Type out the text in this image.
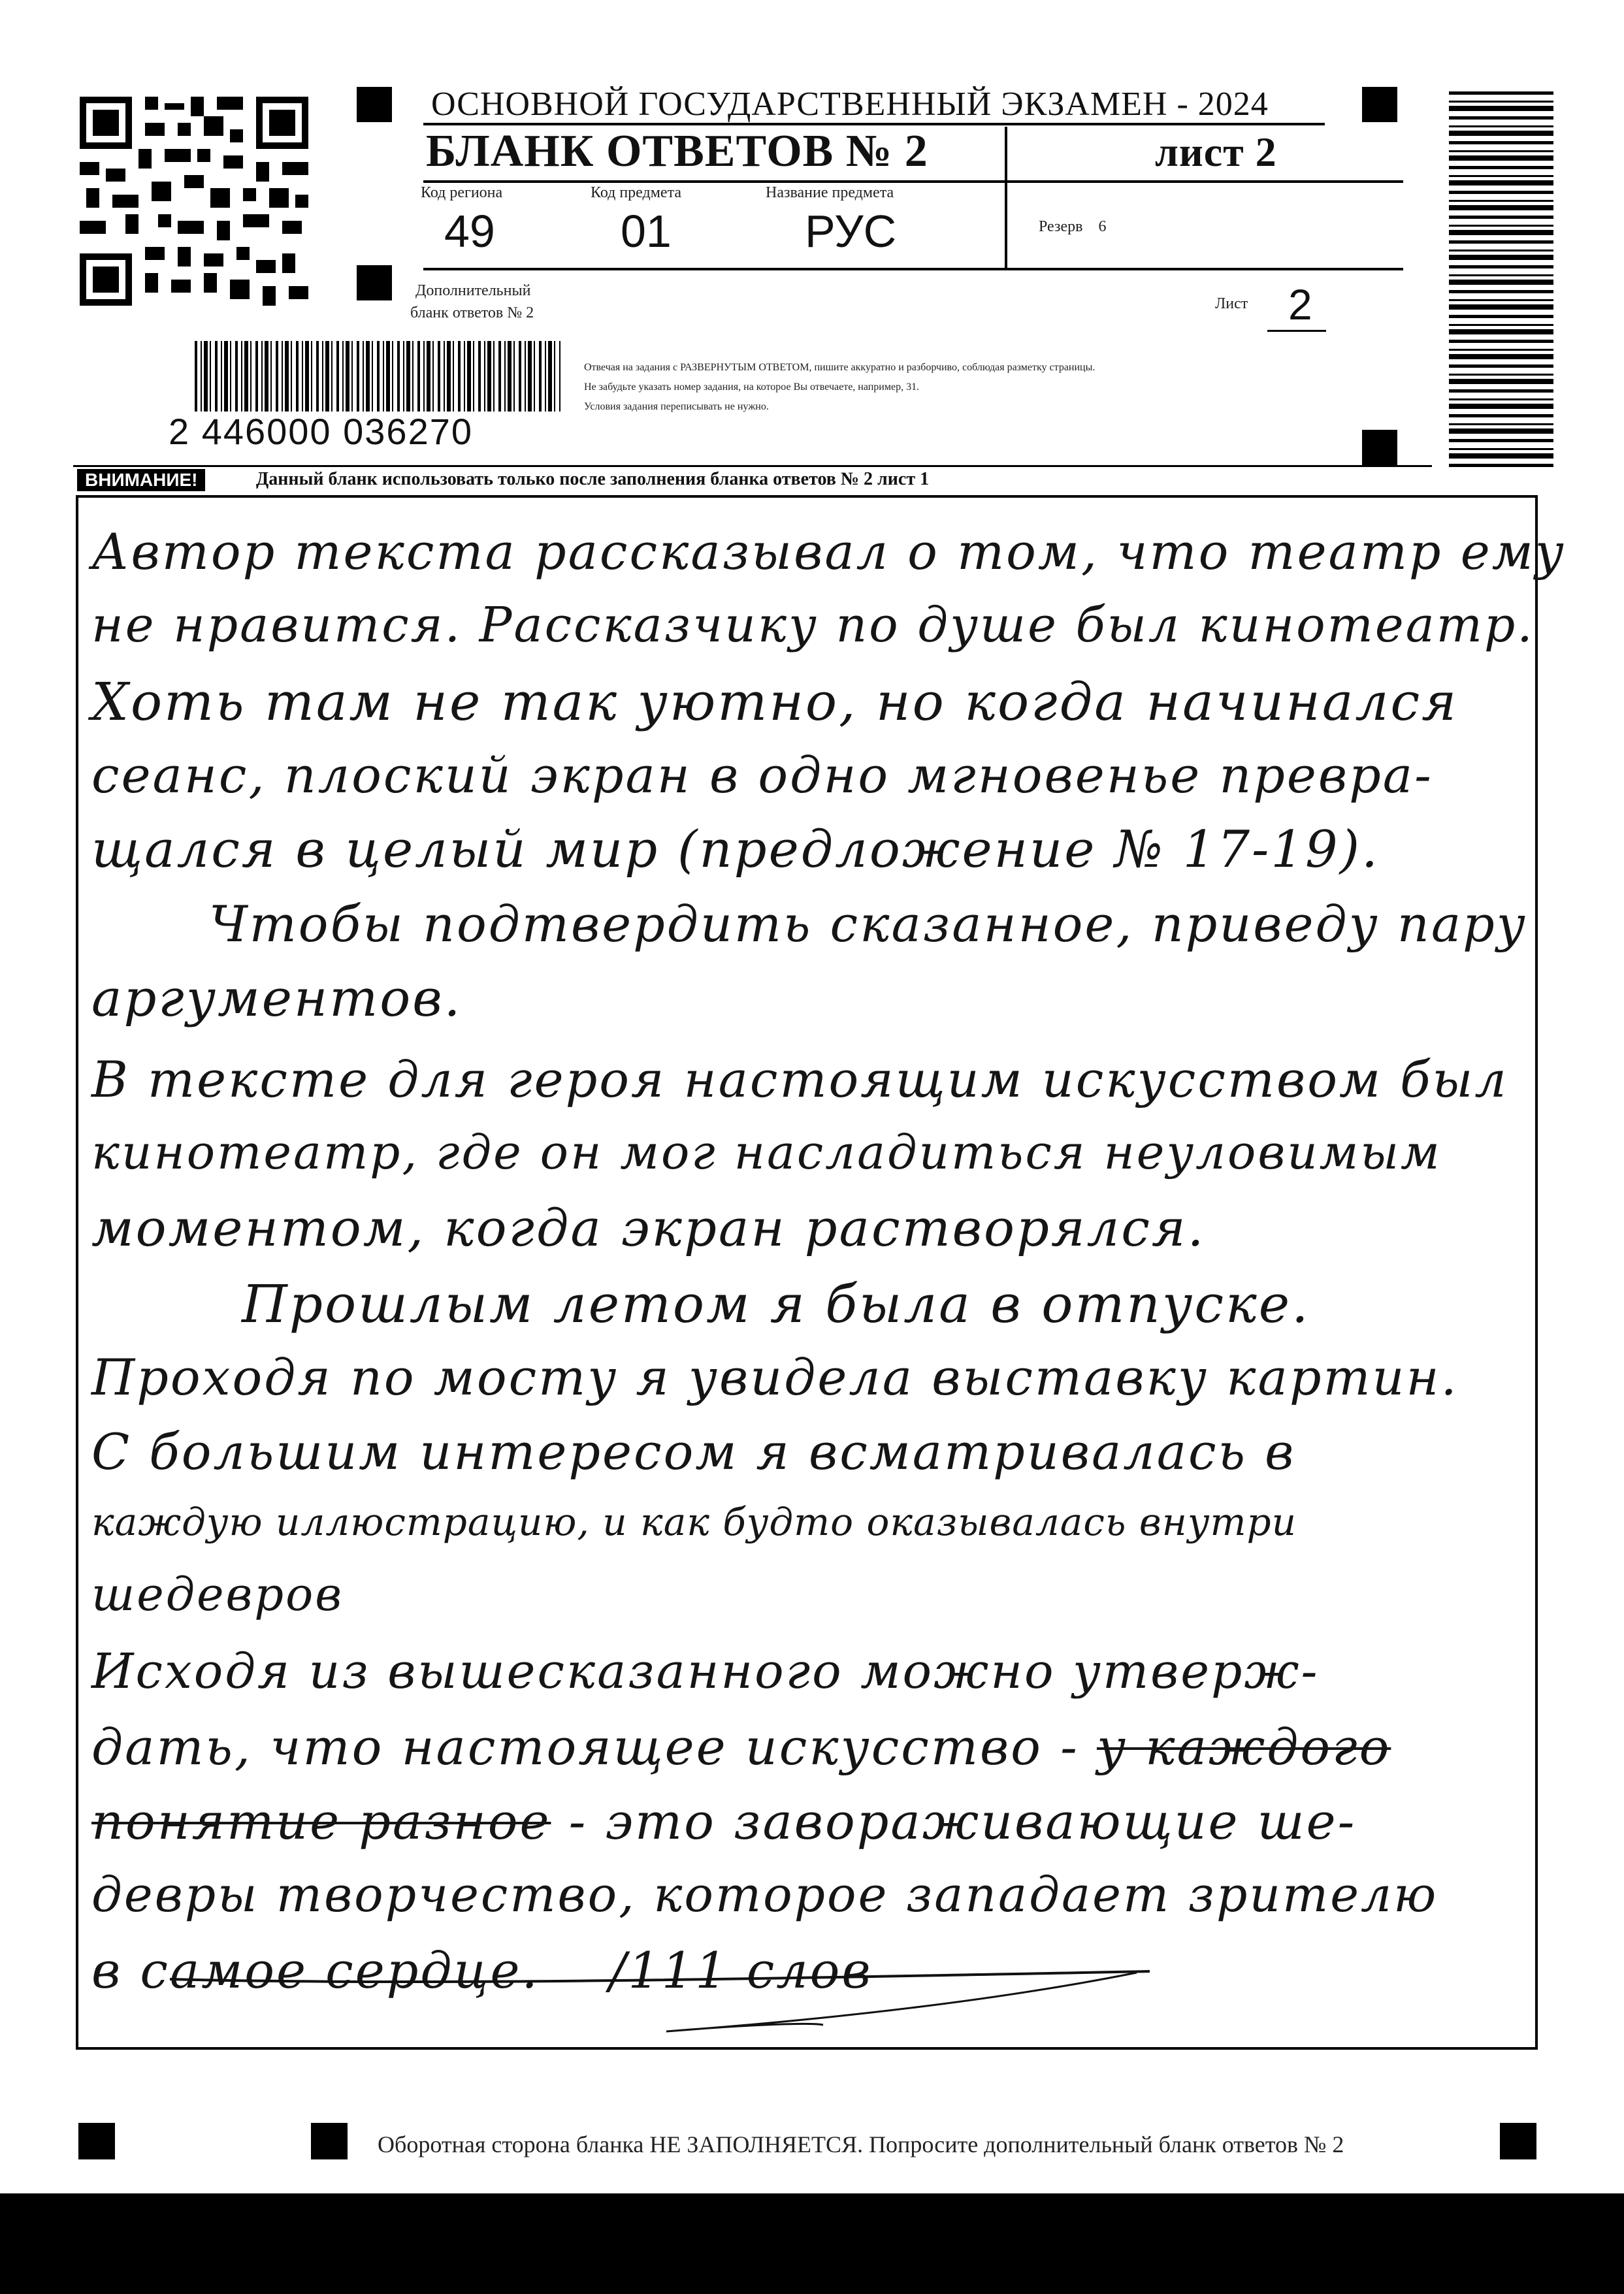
ОСНОВНОЙ ГОСУДАРСТВЕННЫЙ ЭКЗАМЕН - 2024
БЛАНК ОТВЕТОВ № 2	лист 2
Код региона
49
Код предмета
01
Название предмета
РУС	Резерв 6
Дополнительный
бланк ответов № 2
Лист 2
2 446000 036270
Отвечая на задания с РАЗВЕРНУТЫМ ОТВЕТОМ, пишите аккуратно и разборчиво, соблюдая разметку страницы.
Не забудьте указать номер задания, на которое Вы отвечаете, например, 31.
Условия задания переписывать не нужно.
ВНИМАНИЕ!	Данный бланк использовать только после заполнения бланка ответов № 2 лист 1
Автор текста рассказывал о том, что театр ему
не нравится. Рассказчику по душе был кинотеатр.
Хоть там не так уютно, но когда начинался
сеанс, плоский экран в одно мгновенье превра-
щался в целый мир (предложение № 17-19).
Чтобы подтвердить сказанное, приведу пару
аргументов.
В тексте для героя настоящим искусством был
кинотеатр, где он мог насладиться неуловимым
моментом, когда экран растворялся.
Прошлым летом я была в отпуске.
Проходя по мосту я увидела выставку картин.
С большим интересом я всматривалась в
каждую иллюстрацию, и как будто оказывалась внутри
шедевров
Исходя из вышесказанного можно утверж-
дать, что настоящее искусство - у каждого
понятие разное - это завораживающие ше-
девры творчество, которое западает зрителю
в самое сердце. /111 слов
Оборотная сторона бланка НЕ ЗАПОЛНЯЕТСЯ. Попросите дополнительный бланк ответов № 2
